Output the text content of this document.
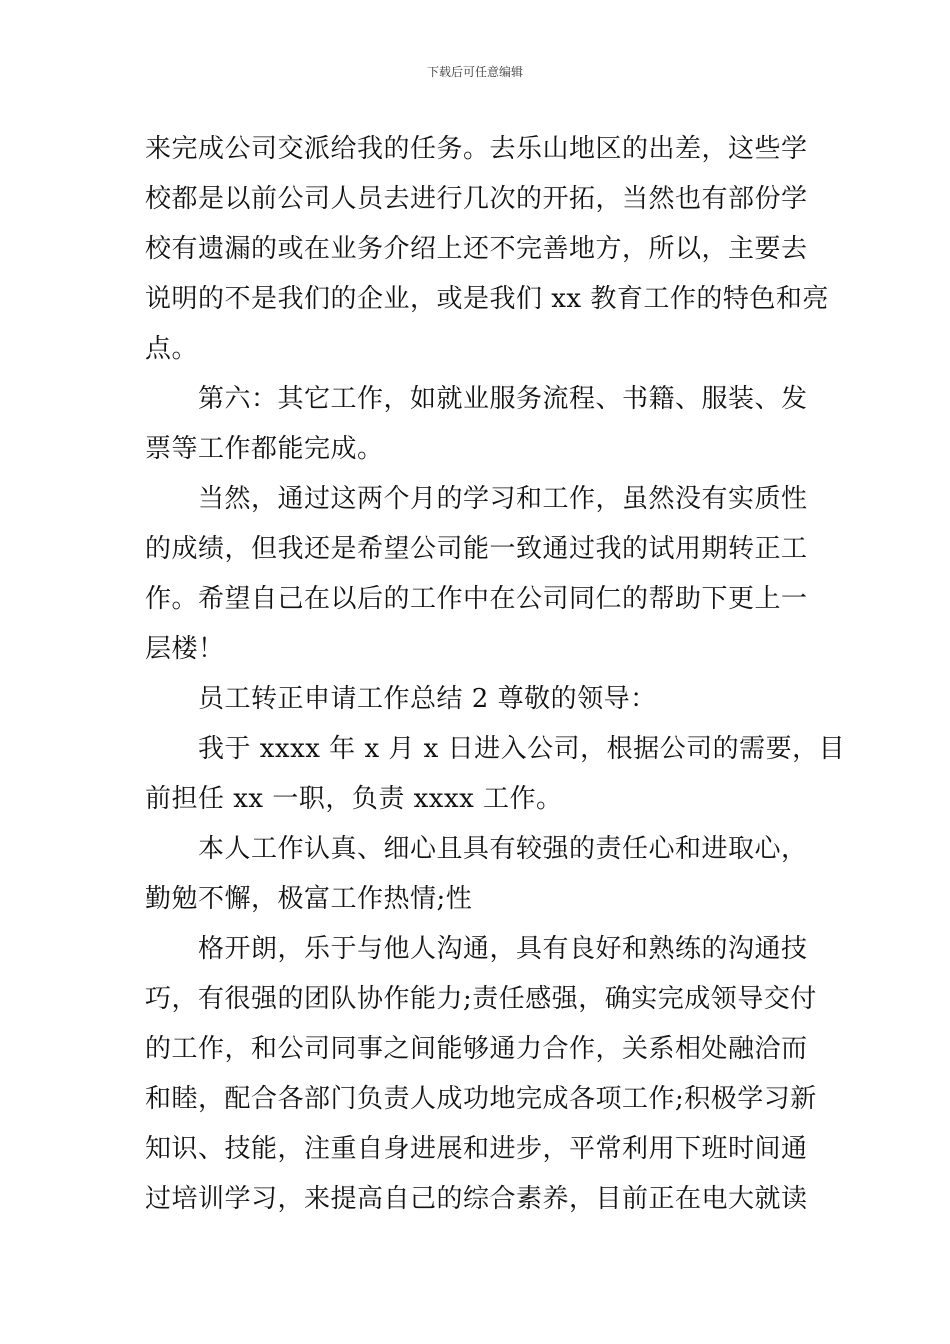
下载后可任意编辑
来完成公司交派给我的任务。去乐山地区的出差，这些学
校都是以前公司人员去进行几次的开拓，当然也有部份学
校有遗漏的或在业务介绍上还不完善地方，所以，主要去
说明的不是我们的企业，或是我们 xx 教育工作的特色和亮
点。
第六：其它工作，如就业服务流程、书籍、服装、发
票等工作都能完成。
当然，通过这两个月的学习和工作，虽然没有实质性
的成绩，但我还是希望公司能一致通过我的试用期转正工
作。希望自己在以后的工作中在公司同仁的帮助下更上一
层楼！
员工转正申请工作总结 2 尊敬的领导：
我于 xxxx 年 x 月 x 日进入公司，根据公司的需要，目
前担任 xx 一职，负责 xxxx 工作。
本人工作认真、细心且具有较强的责任心和进取心，
勤勉不懈，极富工作热情;性
格开朗，乐于与他人沟通，具有良好和熟练的沟通技
巧，有很强的团队协作能力;责任感强，确实完成领导交付
的工作，和公司同事之间能够通力合作，关系相处融洽而
和睦，配合各部门负责人成功地完成各项工作;积极学习新
知识、技能，注重自身进展和进步，平常利用下班时间通
过培训学习，来提高自己的综合素养，目前正在电大就读
